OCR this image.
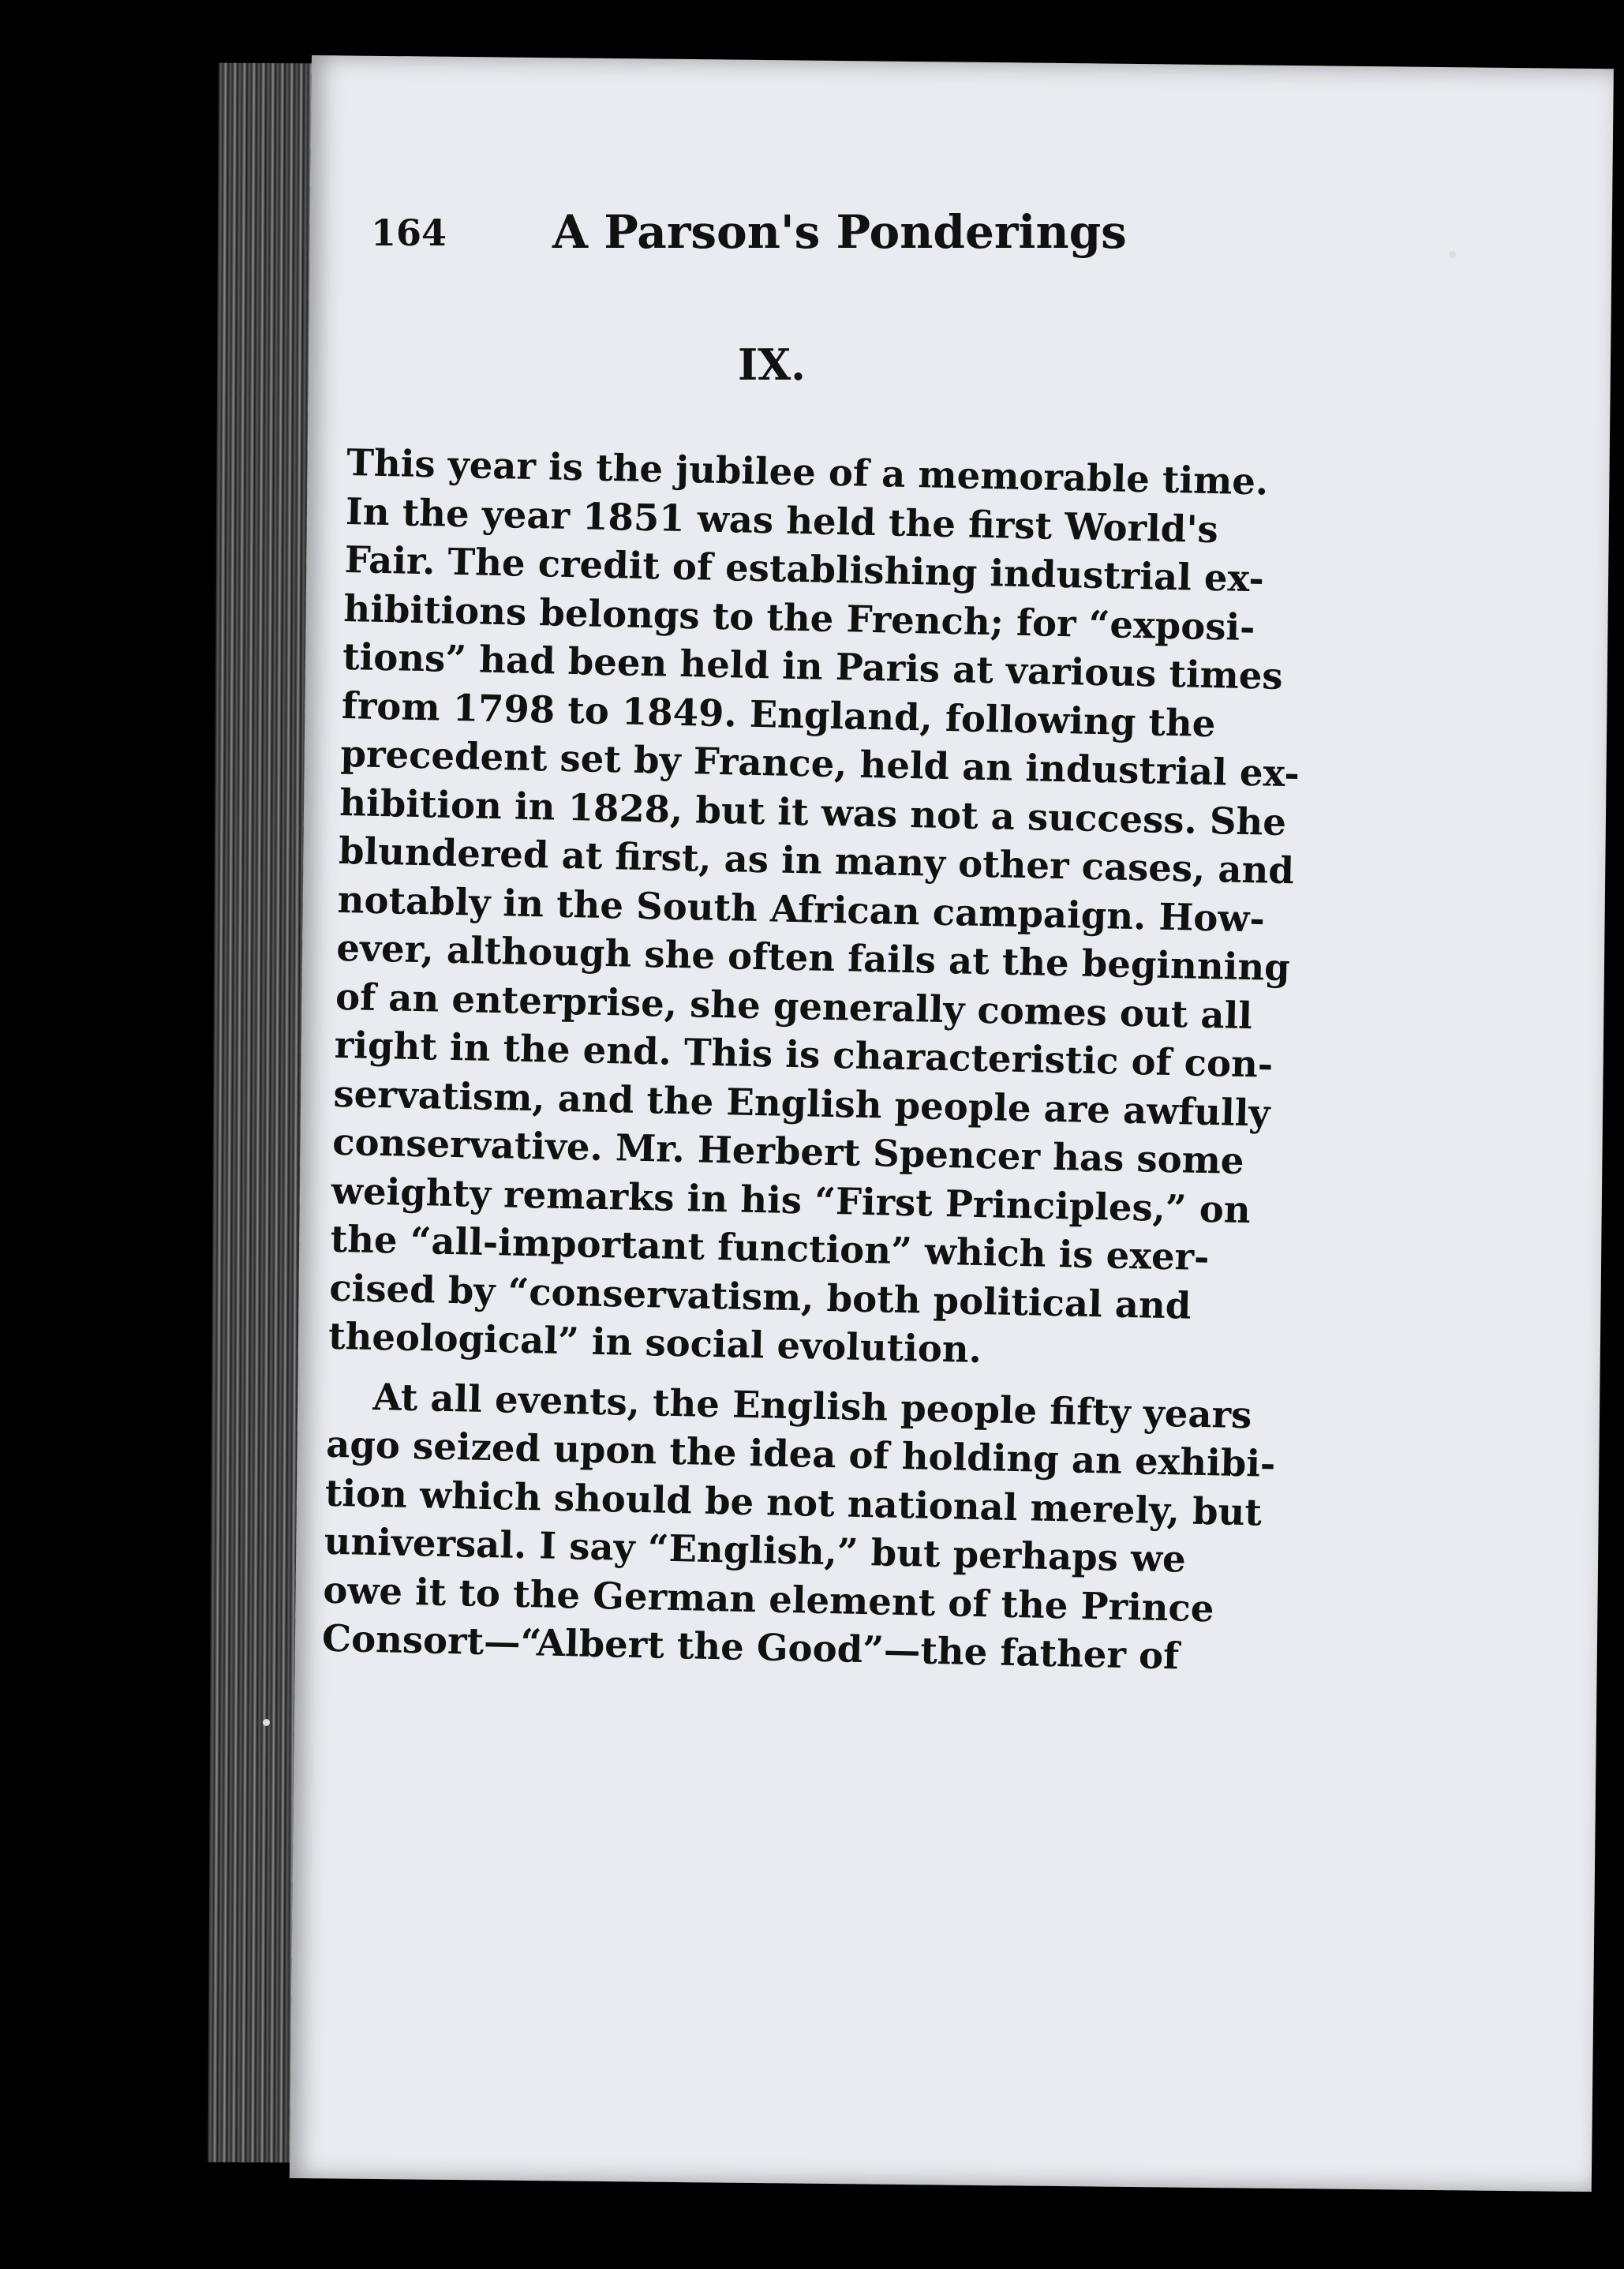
164 A Parson's Ponderings
IX.
This year is the jubilee of a memorable time.
In the year 1851 was held the first World's
Fair. The credit of establishing industrial ex-
hibitions belongs to the French; for “exposi-
tions” had been held in Paris at various times
from 1798 to 1849. England, following the
precedent set by France, held an industrial ex-
hibition in 1828, but it was not a success. She
blundered at first, as in many other cases, and
notably in the South African campaign. How-
ever, although she often fails at the beginning
of an enterprise, she generally comes out all
right in the end. This is characteristic of con-
servatism, and the English people are awfully
conservative. Mr. Herbert Spencer has some
weighty remarks in his “First Principles,” on
the “all-important function” which is exer-
cised by “conservatism, both political and
theological” in social evolution.
At all events, the English people fifty years
ago seized upon the idea of holding an exhibi-
tion which should be not national merely, but
universal. I say “English,” but perhaps we
owe it to the German element of the Prince
Consort—“Albert the Good”—the father of
